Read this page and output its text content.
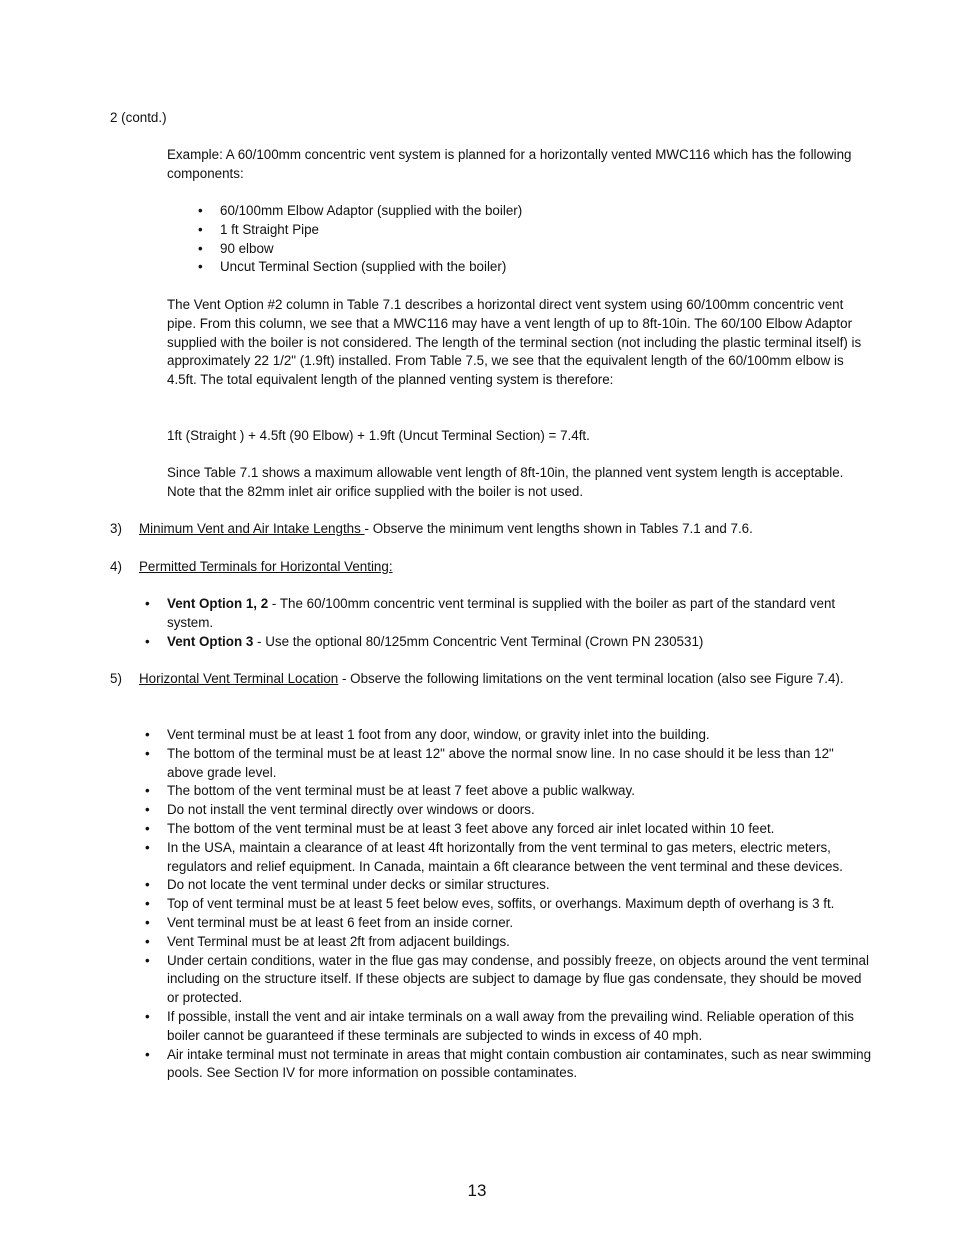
2 (contd.)

Example: A 60/100mm concentric vent system is planned for a horizontally vented MWC116 which has the following components:

• 60/100mm Elbow Adaptor (supplied with the boiler)
• 1 ft Straight Pipe
• 90 elbow
• Uncut Terminal Section (supplied with the boiler)

The Vent Option #2 column in Table 7.1 describes a horizontal direct vent system using 60/100mm concentric vent pipe. From this column, we see that a MWC116 may have a vent length of up to 8ft-10in. The 60/100 Elbow Adaptor supplied with the boiler is not considered. The length of the terminal section (not including the plastic terminal itself) is approximately 22 1/2" (1.9ft) installed. From Table 7.5, we see that the equivalent length of the 60/100mm elbow is 4.5ft. The total equivalent length of the planned venting system is therefore:

1ft (Straight ) + 4.5ft (90 Elbow) + 1.9ft (Uncut Terminal Section) = 7.4ft.

Since Table 7.1 shows a maximum allowable vent length of 8ft-10in, the planned vent system length is acceptable. Note that the 82mm inlet air orifice supplied with the boiler is not used.

3) Minimum Vent and Air Intake Lengths - Observe the minimum vent lengths shown in Tables 7.1 and 7.6.
4) Permitted Terminals for Horizontal Venting:
• Vent Option 1, 2 - The 60/100mm concentric vent terminal is supplied with the boiler as part of the standard vent system.
• Vent Option 3 - Use the optional 80/125mm Concentric Vent Terminal (Crown PN 230531)
5) Horizontal Vent Terminal Location - Observe the following limitations on the vent terminal location (also see Figure 7.4).
• Vent terminal must be at least 1 foot from any door, window, or gravity inlet into the building.
• The bottom of the terminal must be at least 12" above the normal snow line. In no case should it be less than 12" above grade level.
• The bottom of the vent terminal must be at least 7 feet above a public walkway.
• Do not install the vent terminal directly over windows or doors.
• The bottom of the vent terminal must be at least 3 feet above any forced air inlet located within 10 feet.
• In the USA, maintain a clearance of at least 4ft horizontally from the vent terminal to gas meters, electric meters, regulators and relief equipment. In Canada, maintain a 6ft clearance between the vent terminal and these devices.
• Do not locate the vent terminal under decks or similar structures.
• Top of vent terminal must be at least 5 feet below eves, soffits, or overhangs. Maximum depth of overhang is 3 ft.
• Vent terminal must be at least 6 feet from an inside corner.
• Vent Terminal must be at least 2ft from adjacent buildings.
• Under certain conditions, water in the flue gas may condense, and possibly freeze, on objects around the vent terminal including on the structure itself. If these objects are subject to damage by flue gas condensate, they should be moved or protected.
• If possible, install the vent and air intake terminals on a wall away from the prevailing wind. Reliable operation of this boiler cannot be guaranteed if these terminals are subjected to winds in excess of 40 mph.
• Air intake terminal must not terminate in areas that might contain combustion air contaminates, such as near swimming pools. See Section IV for more information on possible contaminates.
13
